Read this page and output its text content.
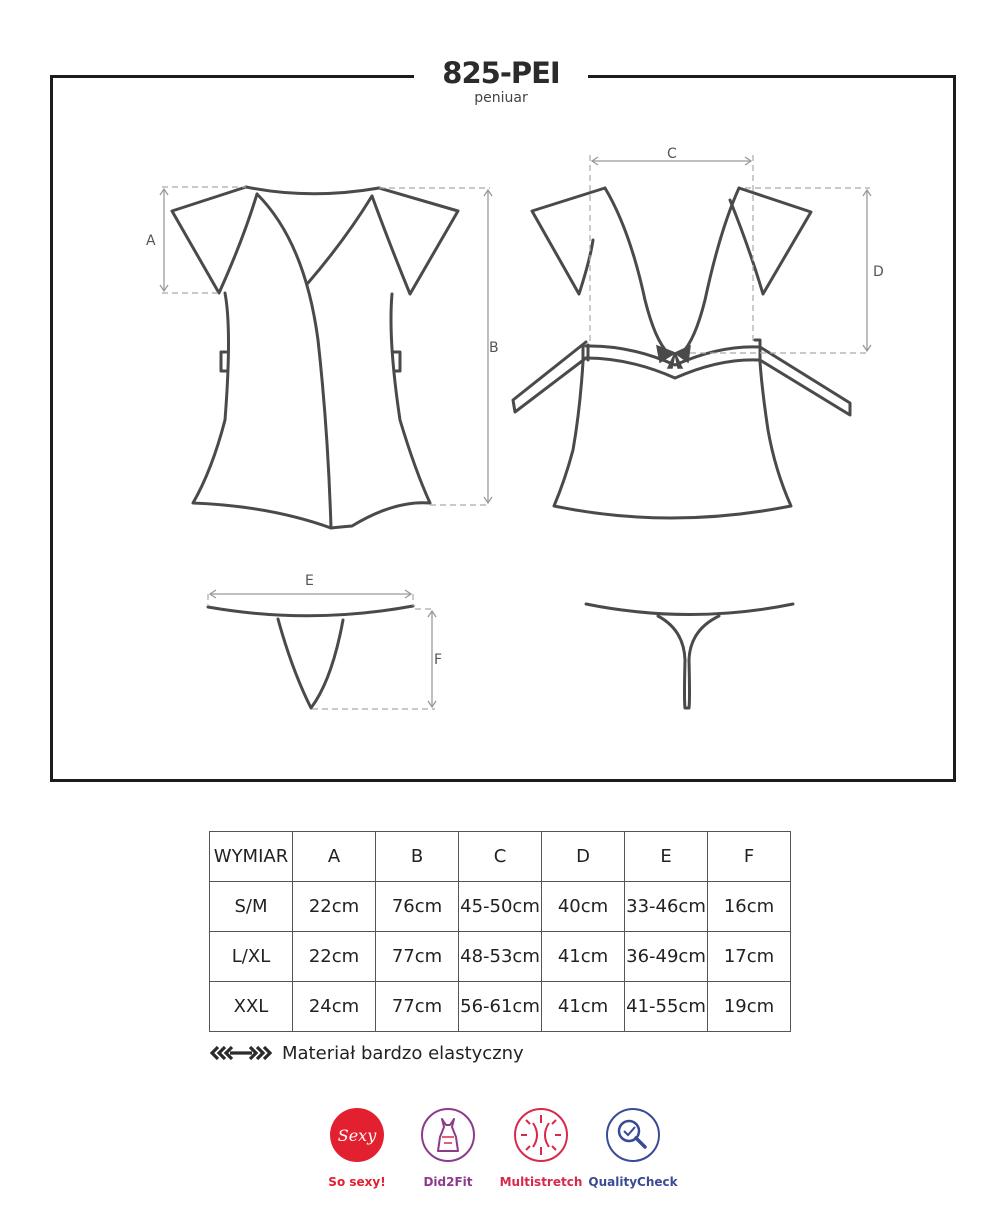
A
B
C
D
E
F
825-PEI
peniuar
WYMIAR	A	B	C	D	E	F
S/M	22cm	76cm	45-50cm	40cm	33-46cm	16cm
L/XL	22cm	77cm	48-53cm	41cm	36-49cm	17cm
XXL	24cm	77cm	56-61cm	41cm	41-55cm	19cm
Materiał bardzo elastyczny
Sexy
So sexy!	Did2Fit	Multistretch QualityCheck
